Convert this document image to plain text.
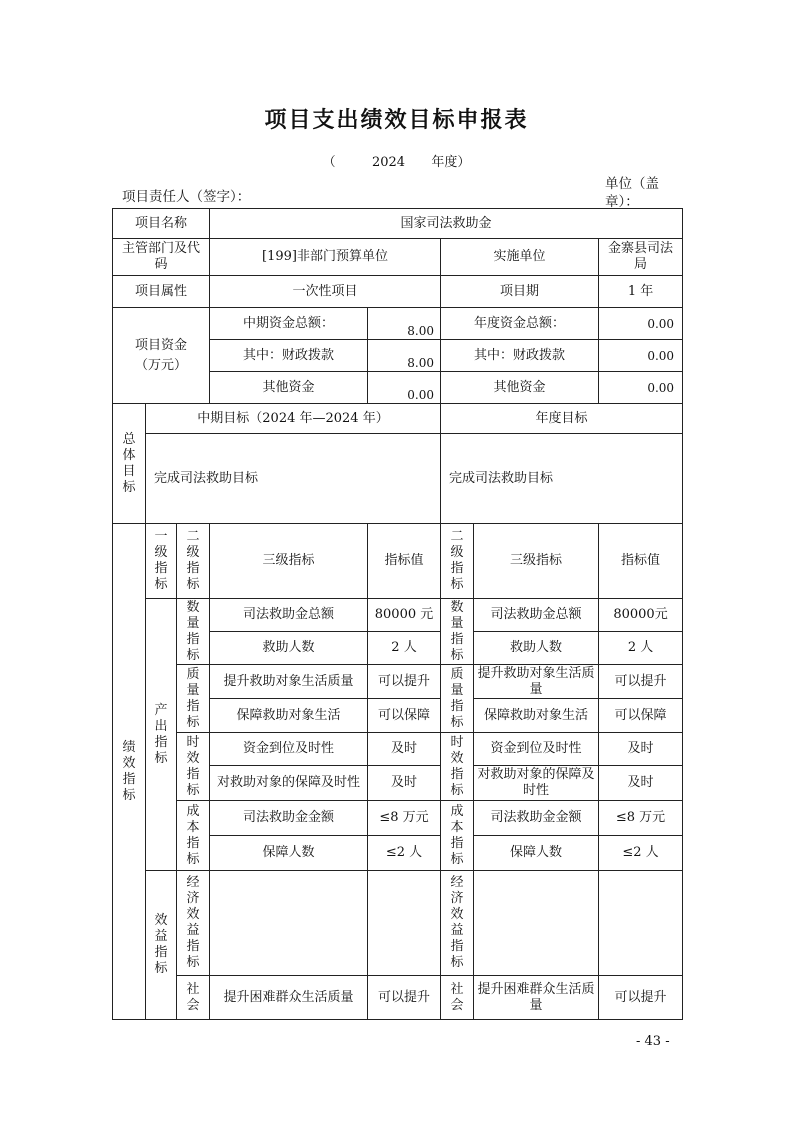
项目支出绩效目标申报表
（	2024 年度）
项目责任人（签字）：
单位（盖章）：
项目名称			国家司法救助金				
主管部门及代码			[199]非部门预算单位		实施单位		金寨县司法局
项目属性			一次性项目		项目期		1 年

项目资金（万元）			中期资金总额：	8.00	年度资金总额：		0.00
			其中：财政拨款	8.00	其中：财政拨款		0.00
			其他资金	0.00	其他资金		0.00

总体目标	中期目标（2024 年—2024 年）				年度目标		
	完成司法救助目标				完成司法救助目标		

绩效指标	一级指标	二级指标	三级指标	指标值	二级指标	三级指标	指标值

	产出指标	数量指标	司法救助金总额	80000 元	数量指标	司法救助金总额	80000元
			救助人数	2 人		救助人数	2 人

		质量指标	提升救助对象生活质量	可以提升	质量指标	提升救助对象生活质量	可以提升
			保障救助对象生活	可以保障		保障救助对象生活	可以保障

		时效指标	资金到位及时性	及时	时效指标	资金到位及时性	及时
			对救助对象的保障及时性	及时		对救助对象的保障及时性	及时

		成本指标	司法救助金金额	≤8 万元	成本指标	司法救助金金额	≤8 万元
			保障人数	≤2 人		保障人数	≤2 人

	效益指标	经济效益指标			经济效益指标		

		社会	提升困难群众生活质量	可以提升	社会	提升困难群众生活质量	可以提升
- 43 -
